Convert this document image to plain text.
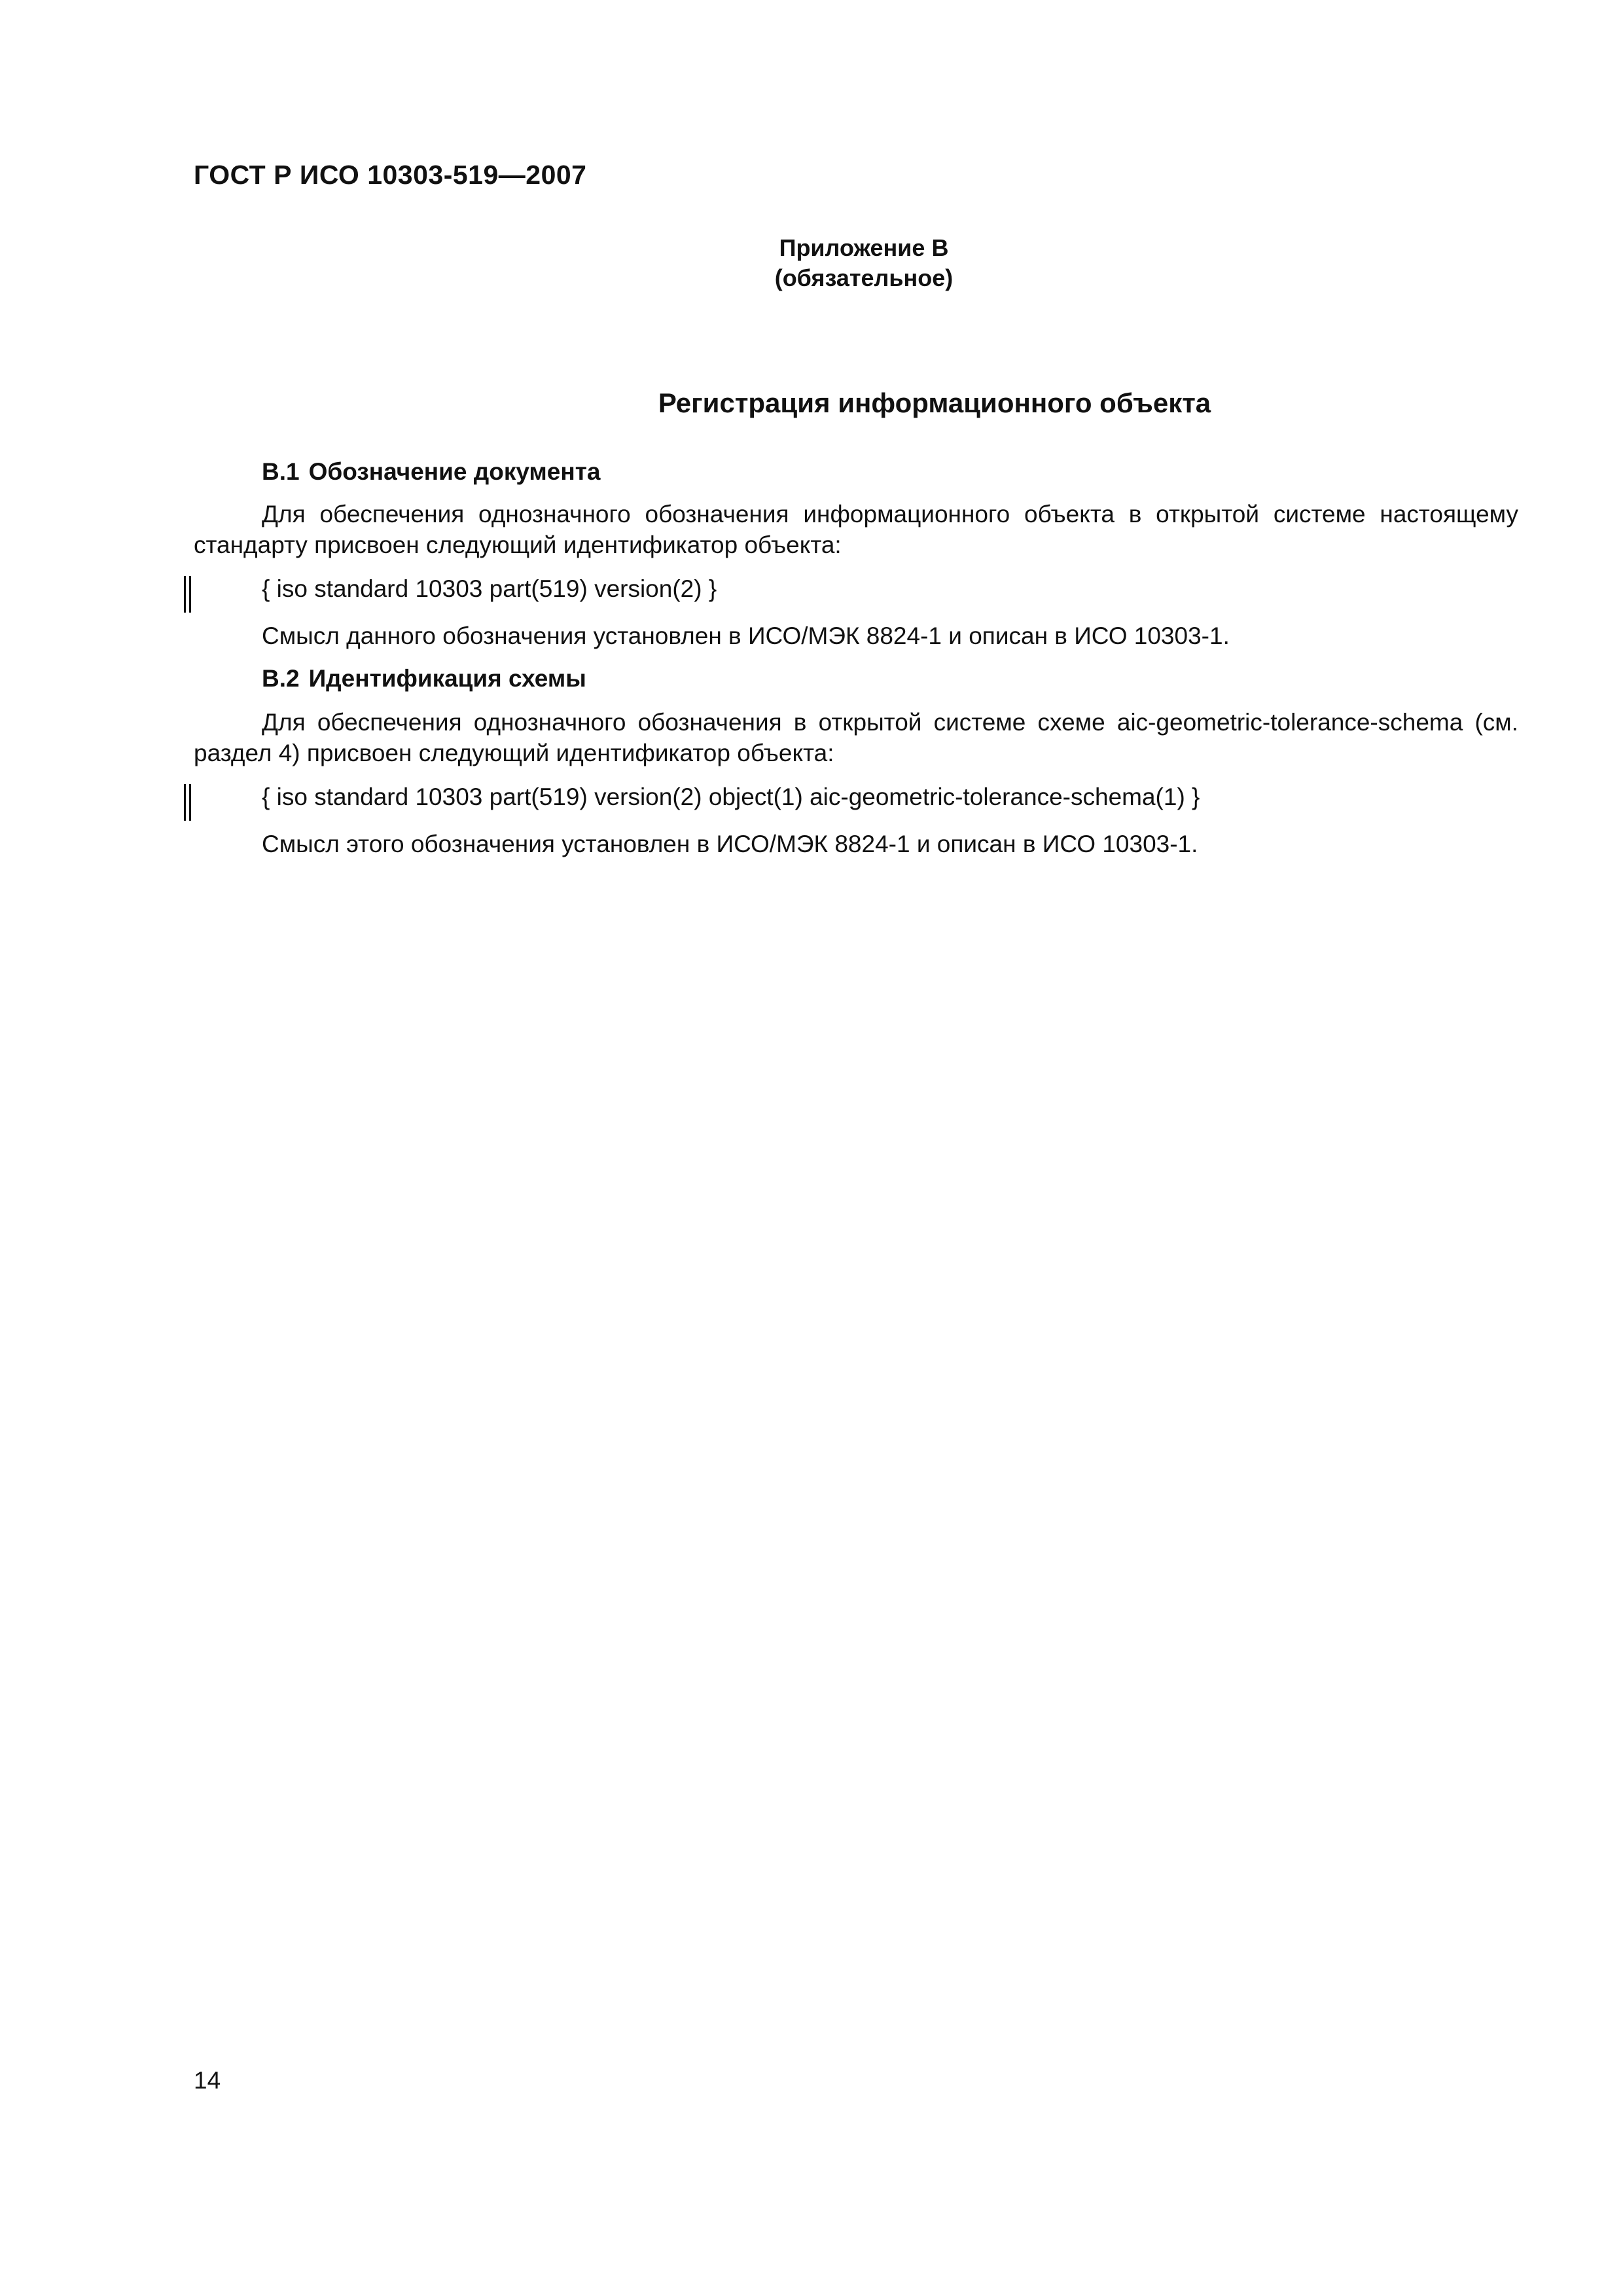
ГОСТ Р ИСО 10303-519—2007
Приложение В
(обязательное)
Регистрация информационного объекта
В.1 Обозначение документа
Для обеспечения однозначного обозначения информационного объекта в открытой системе настоящему стандарту присвоен следующий идентификатор объекта:
{ iso standard 10303 part(519) version(2) }
Смысл данного обозначения установлен в ИСО/МЭК 8824-1 и описан в ИСО 10303-1.
В.2 Идентификация схемы
Для обеспечения однозначного обозначения в открытой системе схеме aic-geometric-tolerance-schema (см. раздел 4) присвоен следующий идентификатор объекта:
{ iso standard 10303 part(519) version(2) object(1) aic-geometric-tolerance-schema(1) }
Смысл этого обозначения установлен в ИСО/МЭК 8824-1 и описан в ИСО 10303-1.
14
